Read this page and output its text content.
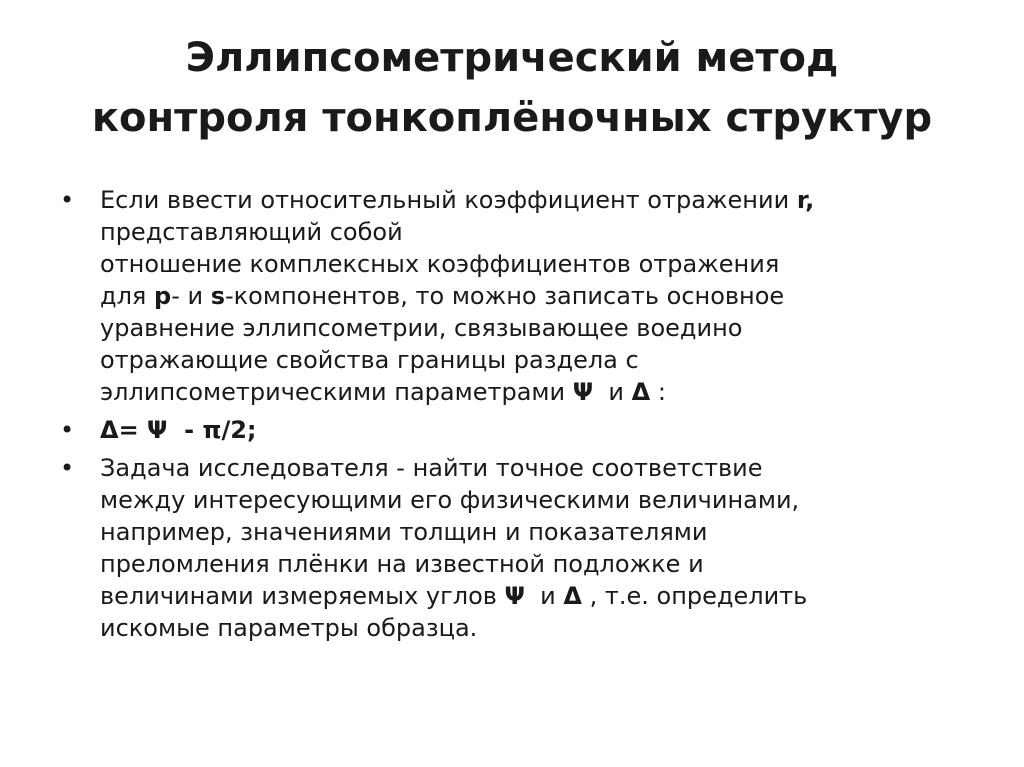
Эллипсометрический метод
контроля тонкоплёночных структур
• Если ввести относительный коэффициент отражении r,
представляющий собой
отношение комплексных коэффициентов отражения
для p- и s-компонентов, то можно записать основное
уравнение эллипсометрии, связывающее воедино
отражающие свойства границы раздела с
эллипсометрическими параметрами Ψ  и Δ :
• Δ= Ψ  - π/2;
• Задача исследователя - найти точное соответствие
между интересующими его физическими величинами,
например, значениями толщин и показателями
преломления плёнки на известной подложке и
величинами измеряемых углов Ψ  и Δ , т.е. определить
искомые параметры образца.
